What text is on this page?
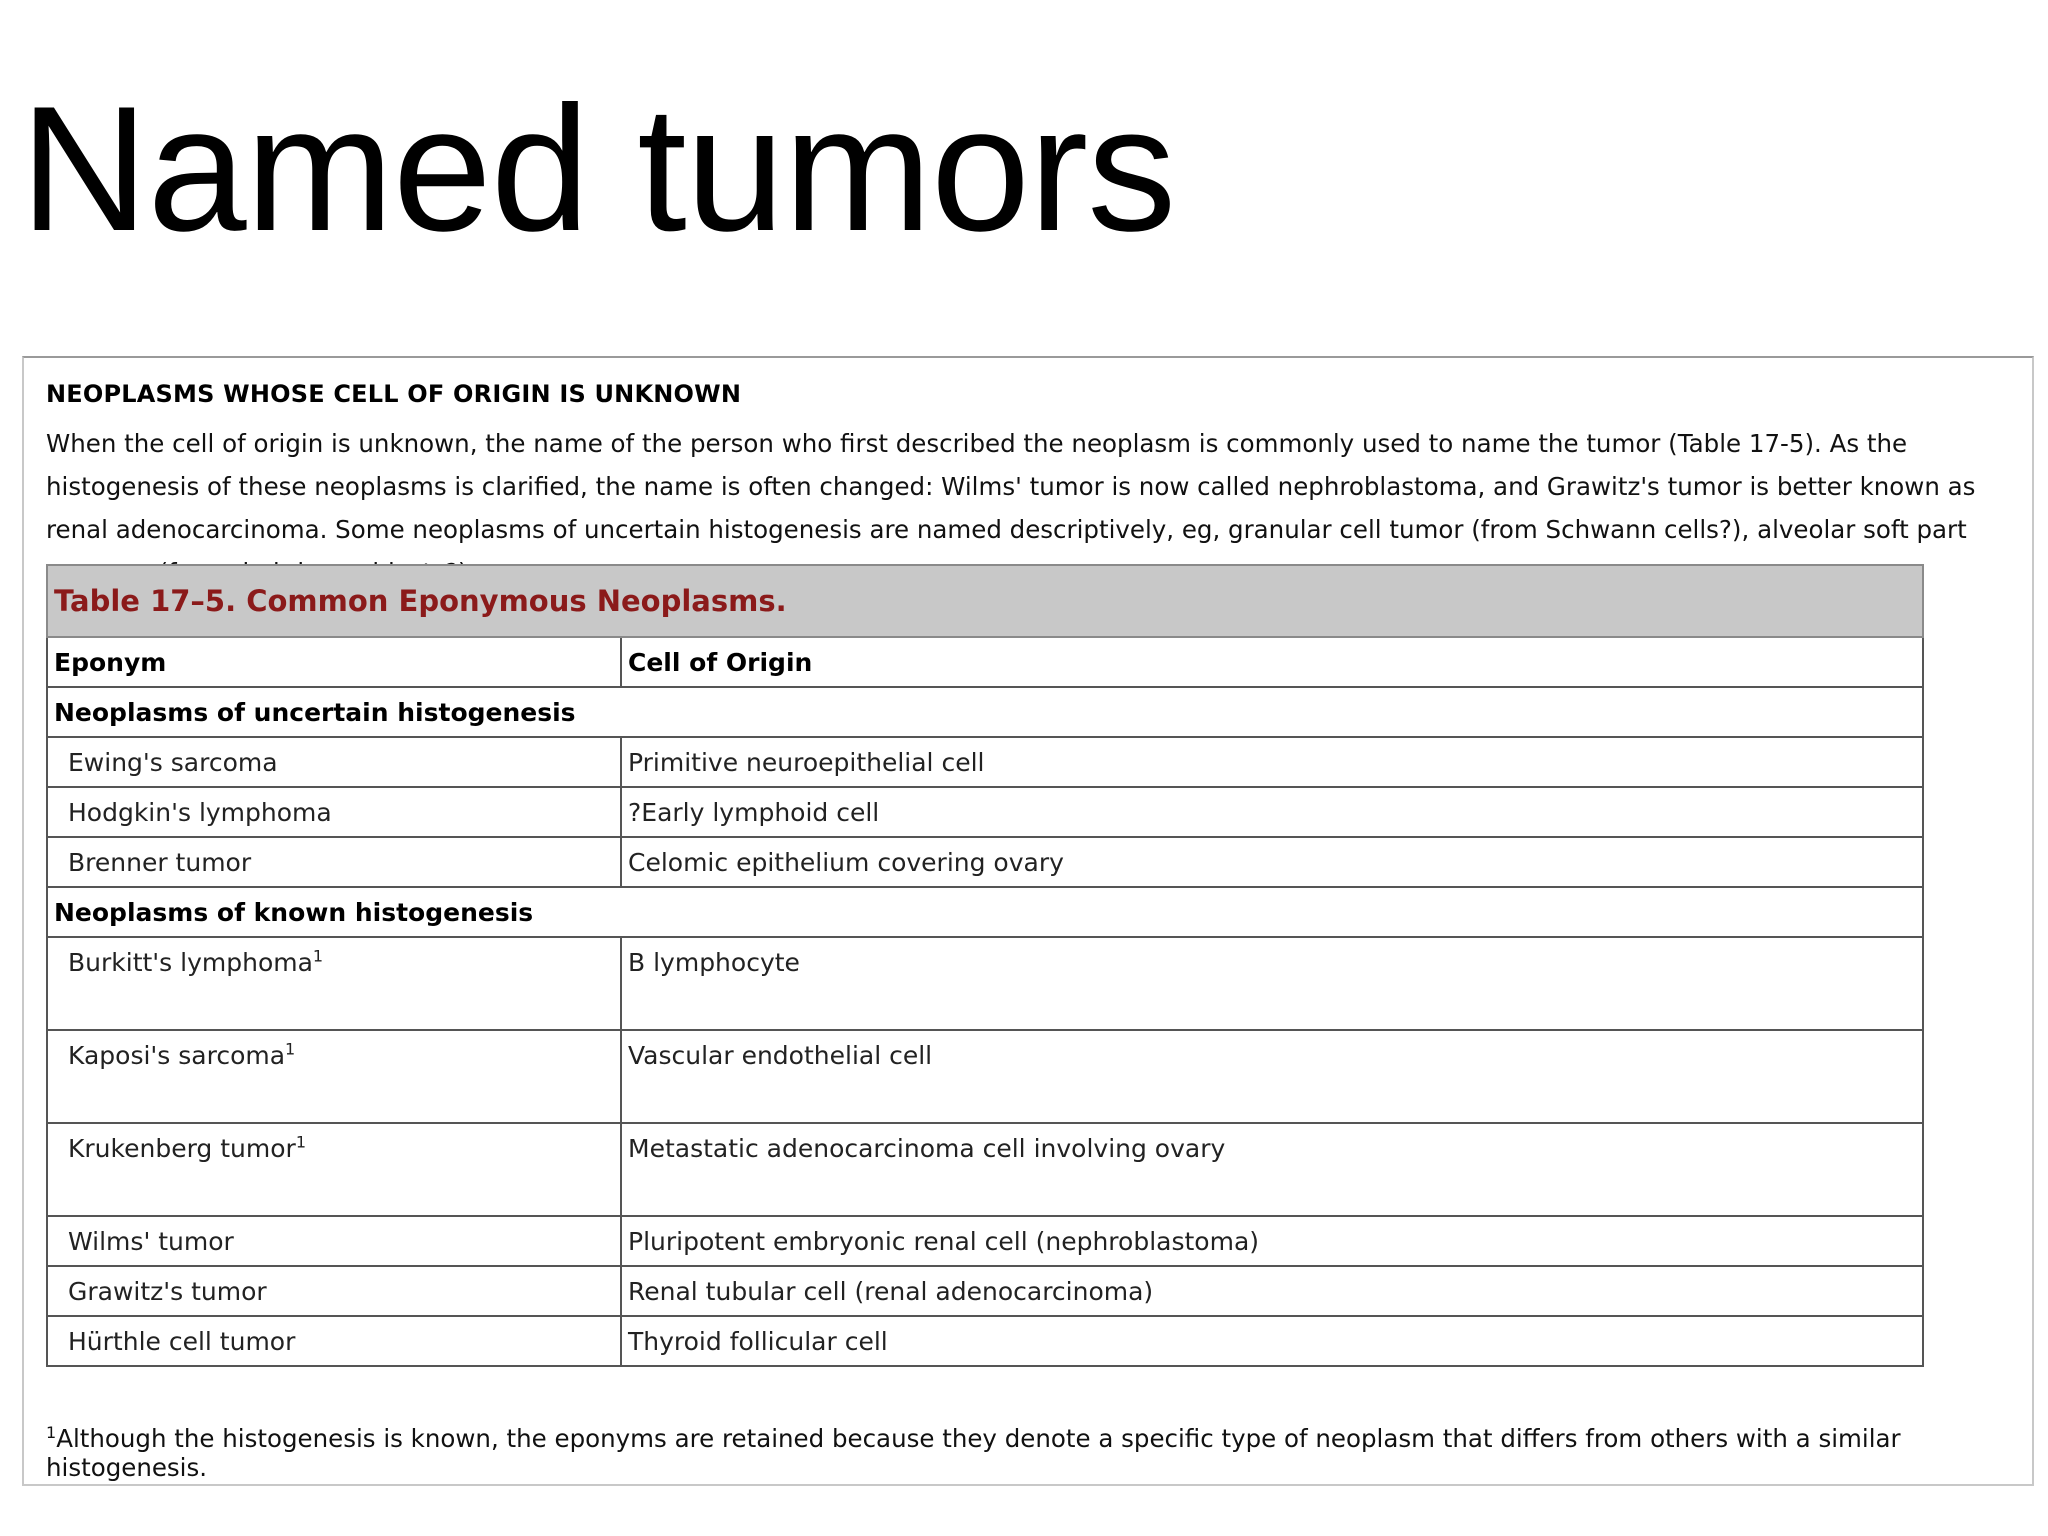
Named tumors
NEOPLASMS WHOSE CELL OF ORIGIN IS UNKNOWN

When the cell of origin is unknown, the name of the person who first described the neoplasm is commonly used to name the tumor (Table 17-5). As the histogenesis of these neoplasms is clarified, the name is often changed: Wilms' tumor is now called nephroblastoma, and Grawitz's tumor is better known as renal adenocarcinoma. Some neoplasms of uncertain histogenesis are named descriptively, eg, granular cell tumor (from Schwann cells?), alveolar soft part

Table 17–5. Common Eponymous Neoplasms.	
Eponym	Cell of Origin
Neoplasms of uncertain histogenesis	
Ewing's sarcoma	Primitive neuroepithelial cell
Hodgkin's lymphoma	?Early lymphoid cell
Brenner tumor	Celomic epithelium covering ovary
Neoplasms of known histogenesis	
Burkitt's lymphoma$^1$	B lymphocyte
Kaposi's sarcoma$^1$	Vascular endothelial cell
Krukenberg tumor$^1$	Metastatic adenocarcinoma cell involving ovary
Wilms' tumor	Pluripotent embryonic renal cell (nephroblastoma)
Grawitz's tumor	Renal tubular cell (renal adenocarcinoma)
Hürthle cell tumor	Thyroid follicular cell

$^1$Although the histogenesis is known, the eponyms are retained because they denote a specific type of neoplasm that differs from others with a similar histogenesis.
